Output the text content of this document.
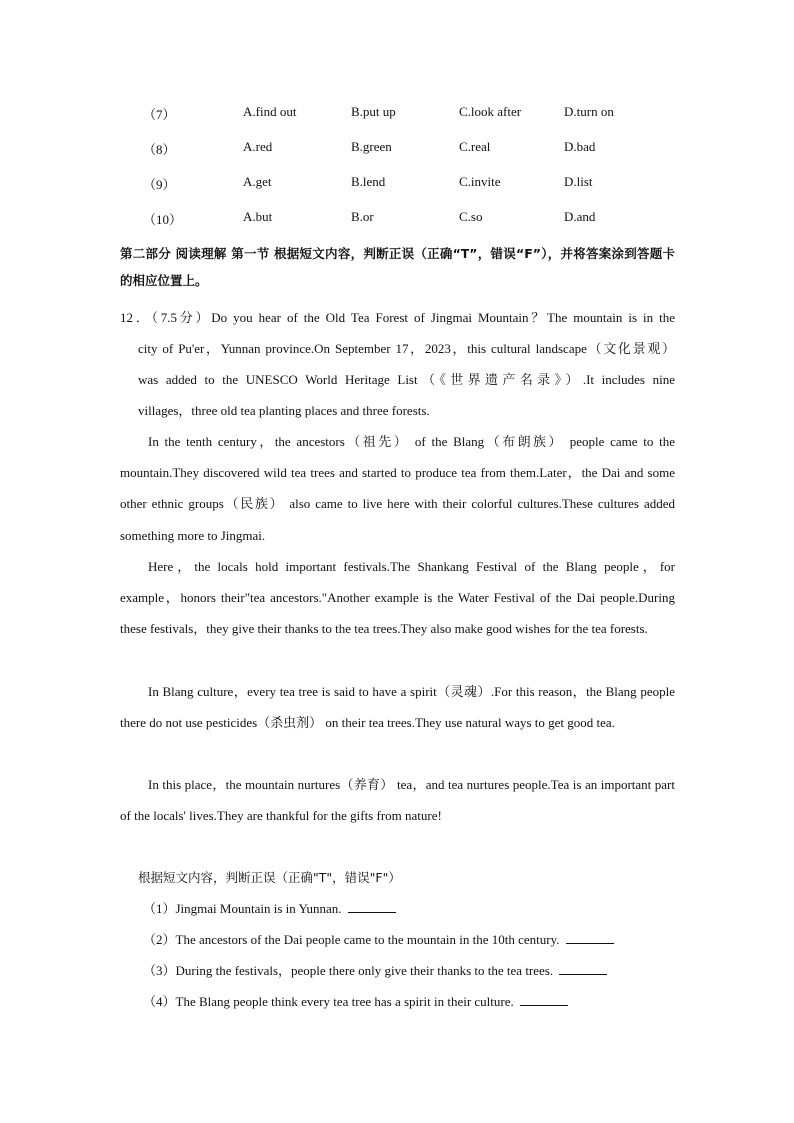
（7）	A.find out	B.put up	C.look after	D.turn on
（8）	A.red	B.green	C.real	D.bad
（9）	A.get	B.lend	C.invite	D.list
（10）	A.but	B.or	C.so	D.and
第二部分 阅读理解 第一节 根据短文内容，判断正误（正确“T”，错误“F”），并将答案涂到答题卡的相应位置上。
12．（7.5分）Do you hear of the Old Tea Forest of Jingmai Mountain？The mountain is in the
city of Pu'er，Yunnan province.On September 17，2023，this cultural landscape（文化景观）
was added to the UNESCO World Heritage List（《世界遗产名录》）.It includes nine
villages，three old tea planting places and three forests.
In the tenth century，the ancestors（祖先） of the Blang（布朗族） people came to the mountain.They discovered wild tea trees and started to produce tea from them.Later，the Dai and some other ethnic groups（民族） also came to live here with their colorful cultures.These cultures added something more to Jingmai.
Here，the locals hold important festivals.The Shankang Festival of the Blang people，for example，honors their"tea ancestors."Another example is the Water Festival of the Dai people.During these festivals，they give their thanks to the tea trees.They also make good wishes for the tea forests.
In Blang culture，every tea tree is said to have a spirit（灵魂）.For this reason，the Blang people there do not use pesticides（杀虫剂） on their tea trees.They use natural ways to get good tea.
In this place，the mountain nurtures（养育） tea，and tea nurtures people.Tea is an important part of the locals' lives.They are thankful for the gifts from nature!
根据短文内容，判断正误（正确"T"，错误"F"）
（1）Jingmai Mountain is in Yunnan.
（2）The ancestors of the Dai people came to the mountain in the 10th century.
（3）During the festivals，people there only give their thanks to the tea trees.
（4）The Blang people think every tea tree has a spirit in their culture.
